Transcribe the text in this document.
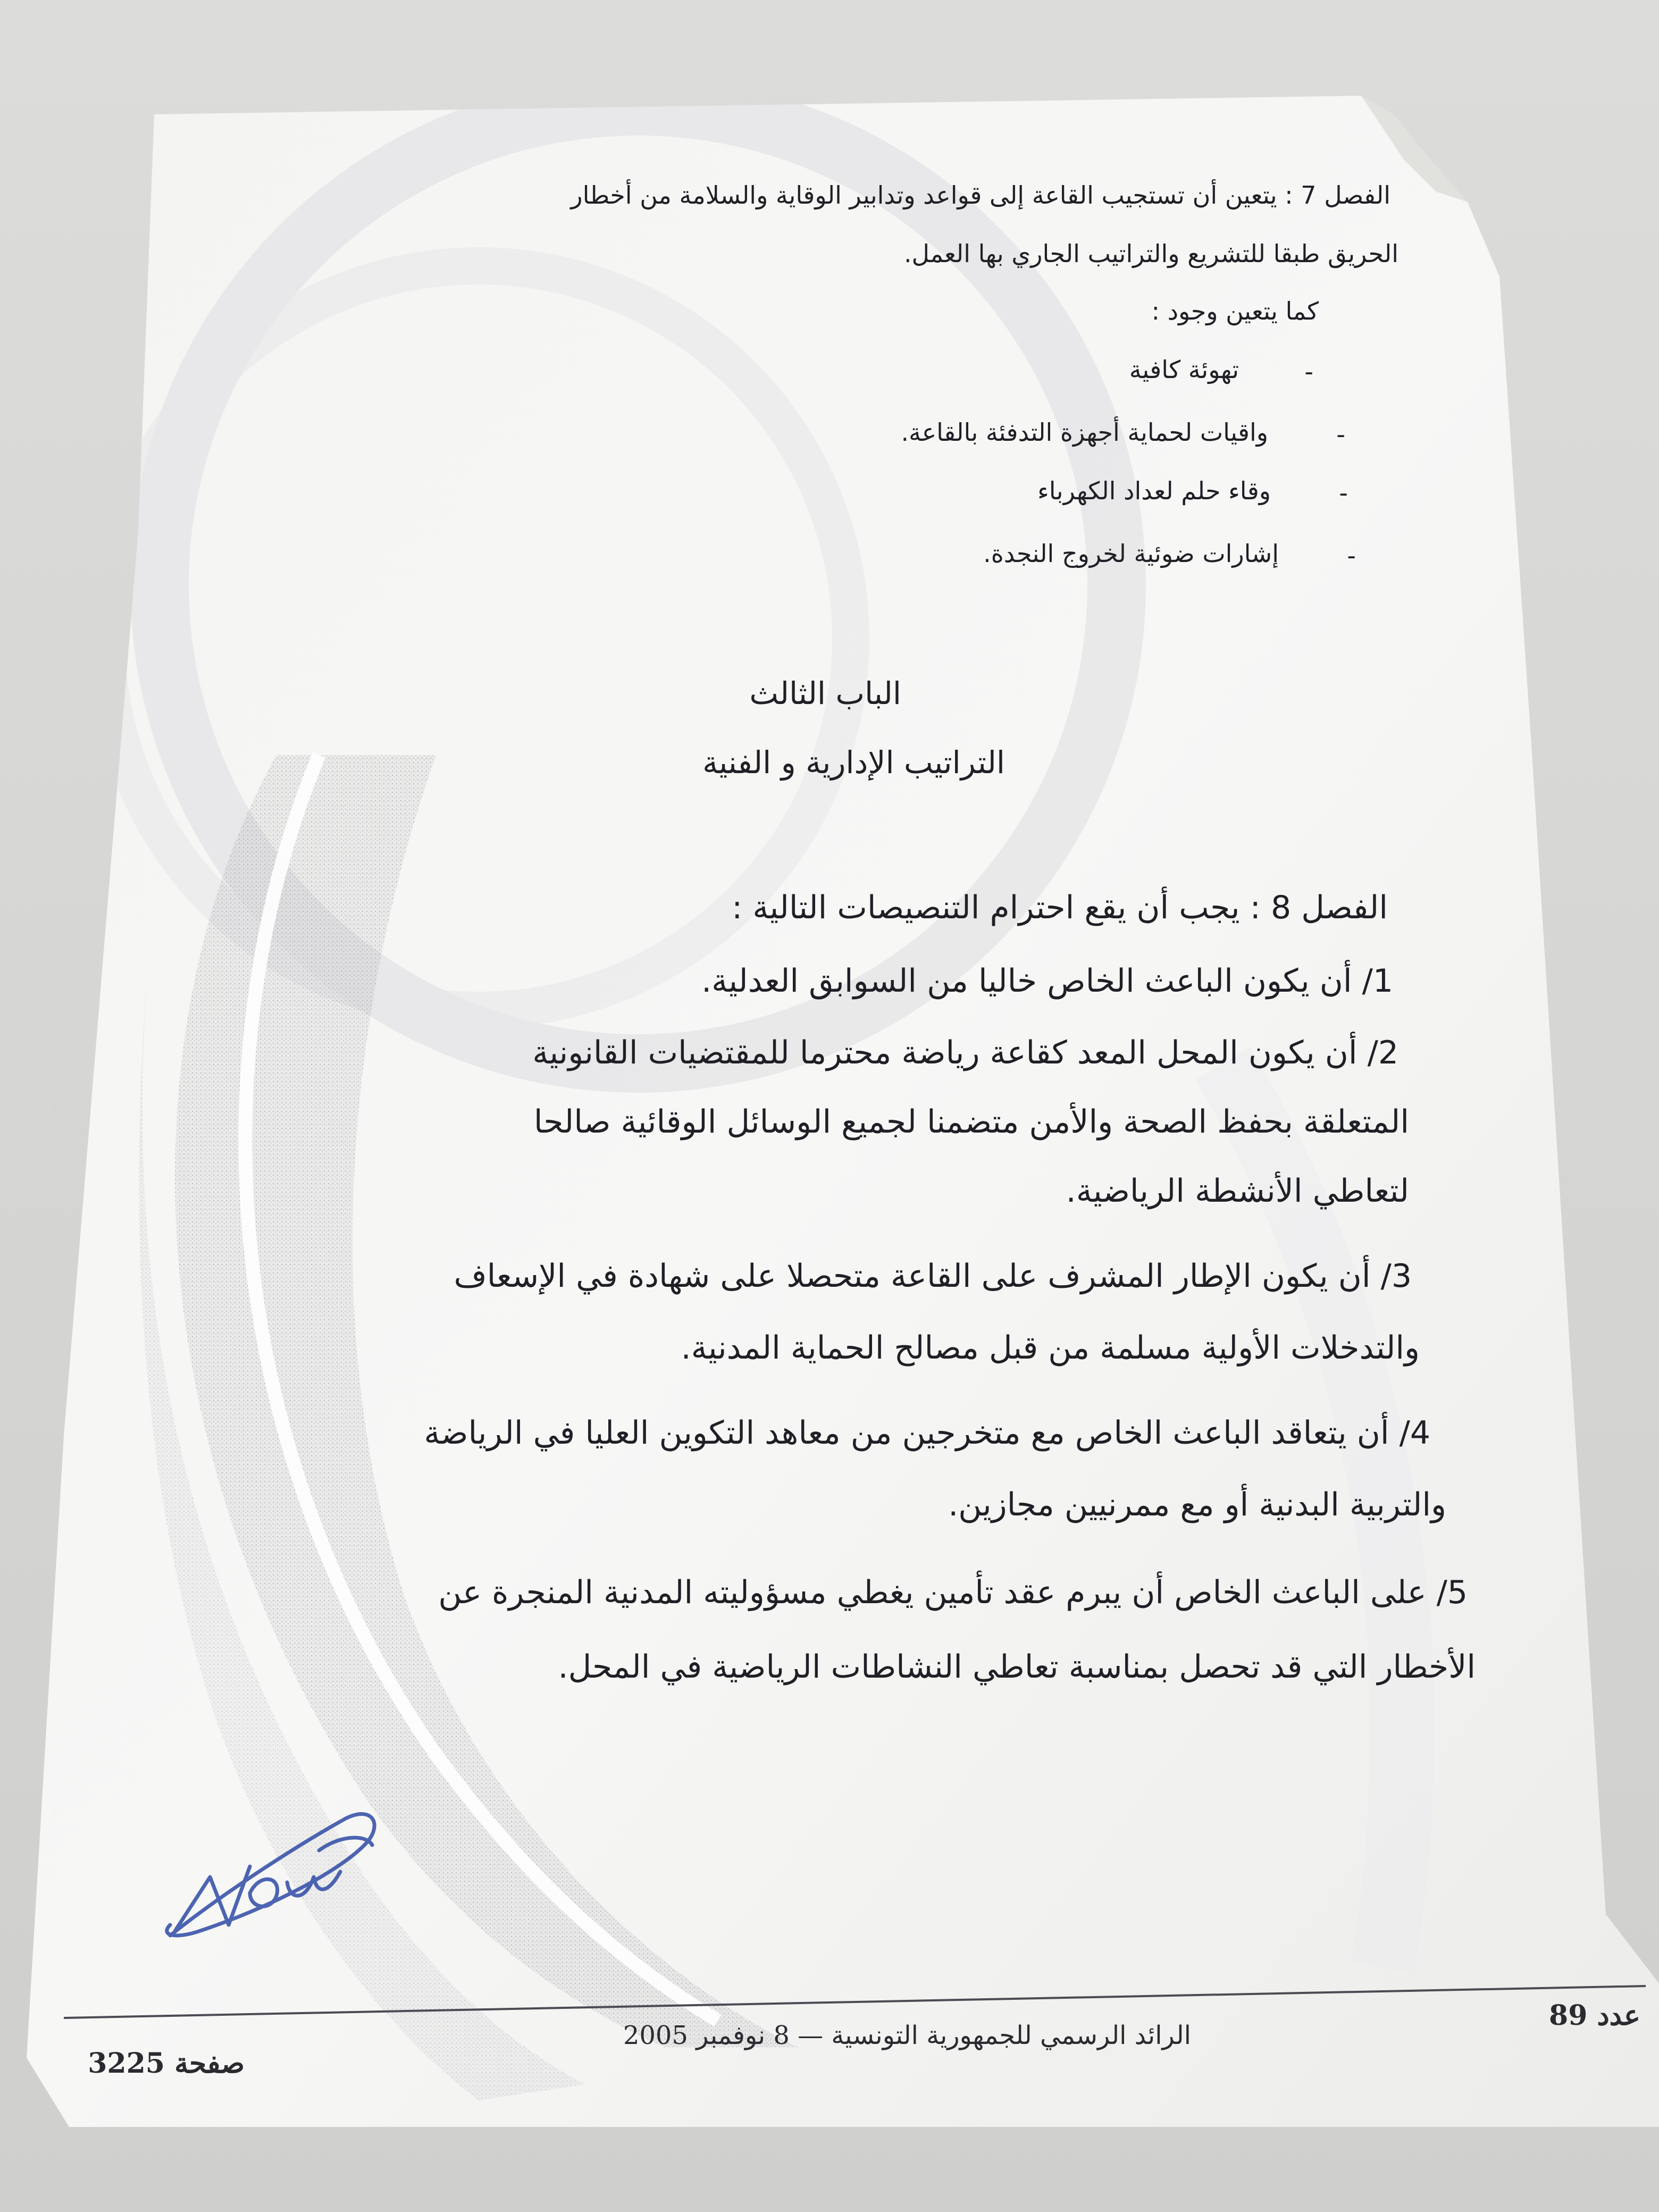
الفصل 7 : يتعين أن تستجيب القاعة إلى قواعد وتدابير الوقاية والسلامة من أخطار
الحريق طبقا للتشريع والتراتيب الجاري بها العمل.
كما يتعين وجود :
-
تهوئة كافية
-
واقيات لحماية أجهزة التدفئة بالقاعة.
-
وقاء حلم لعداد الكهرباء
-
إشارات ضوئية لخروج النجدة.
الباب الثالث
التراتيب الإدارية و الفنية
الفصل 8 : يجب أن يقع احترام التنصيصات التالية :
1/ أن يكون الباعث الخاص خاليا من السوابق العدلية.
2/ أن يكون المحل المعد كقاعة رياضة محترما للمقتضيات القانونية
المتعلقة بحفظ الصحة والأمن متضمنا لجميع الوسائل الوقائية صالحا
لتعاطي الأنشطة الرياضية.
3/ أن يكون الإطار المشرف على القاعة متحصلا على شهادة في الإسعاف
والتدخلات الأولية مسلمة من قبل مصالح الحماية المدنية.
4/ أن يتعاقد الباعث الخاص مع متخرجين من معاهد التكوين العليا في الرياضة
والتربية البدنية أو مع ممرنيين مجازين.
5/ على الباعث الخاص أن يبرم عقد تأمين يغطي مسؤوليته المدنية المنجرة عن
الأخطار التي قد تحصل بمناسبة تعاطي النشاطات الرياضية في المحل.
عدد 89
الرائد الرسمي للجمهورية التونسية — 8 نوفمبر 2005
صفحة 3225
